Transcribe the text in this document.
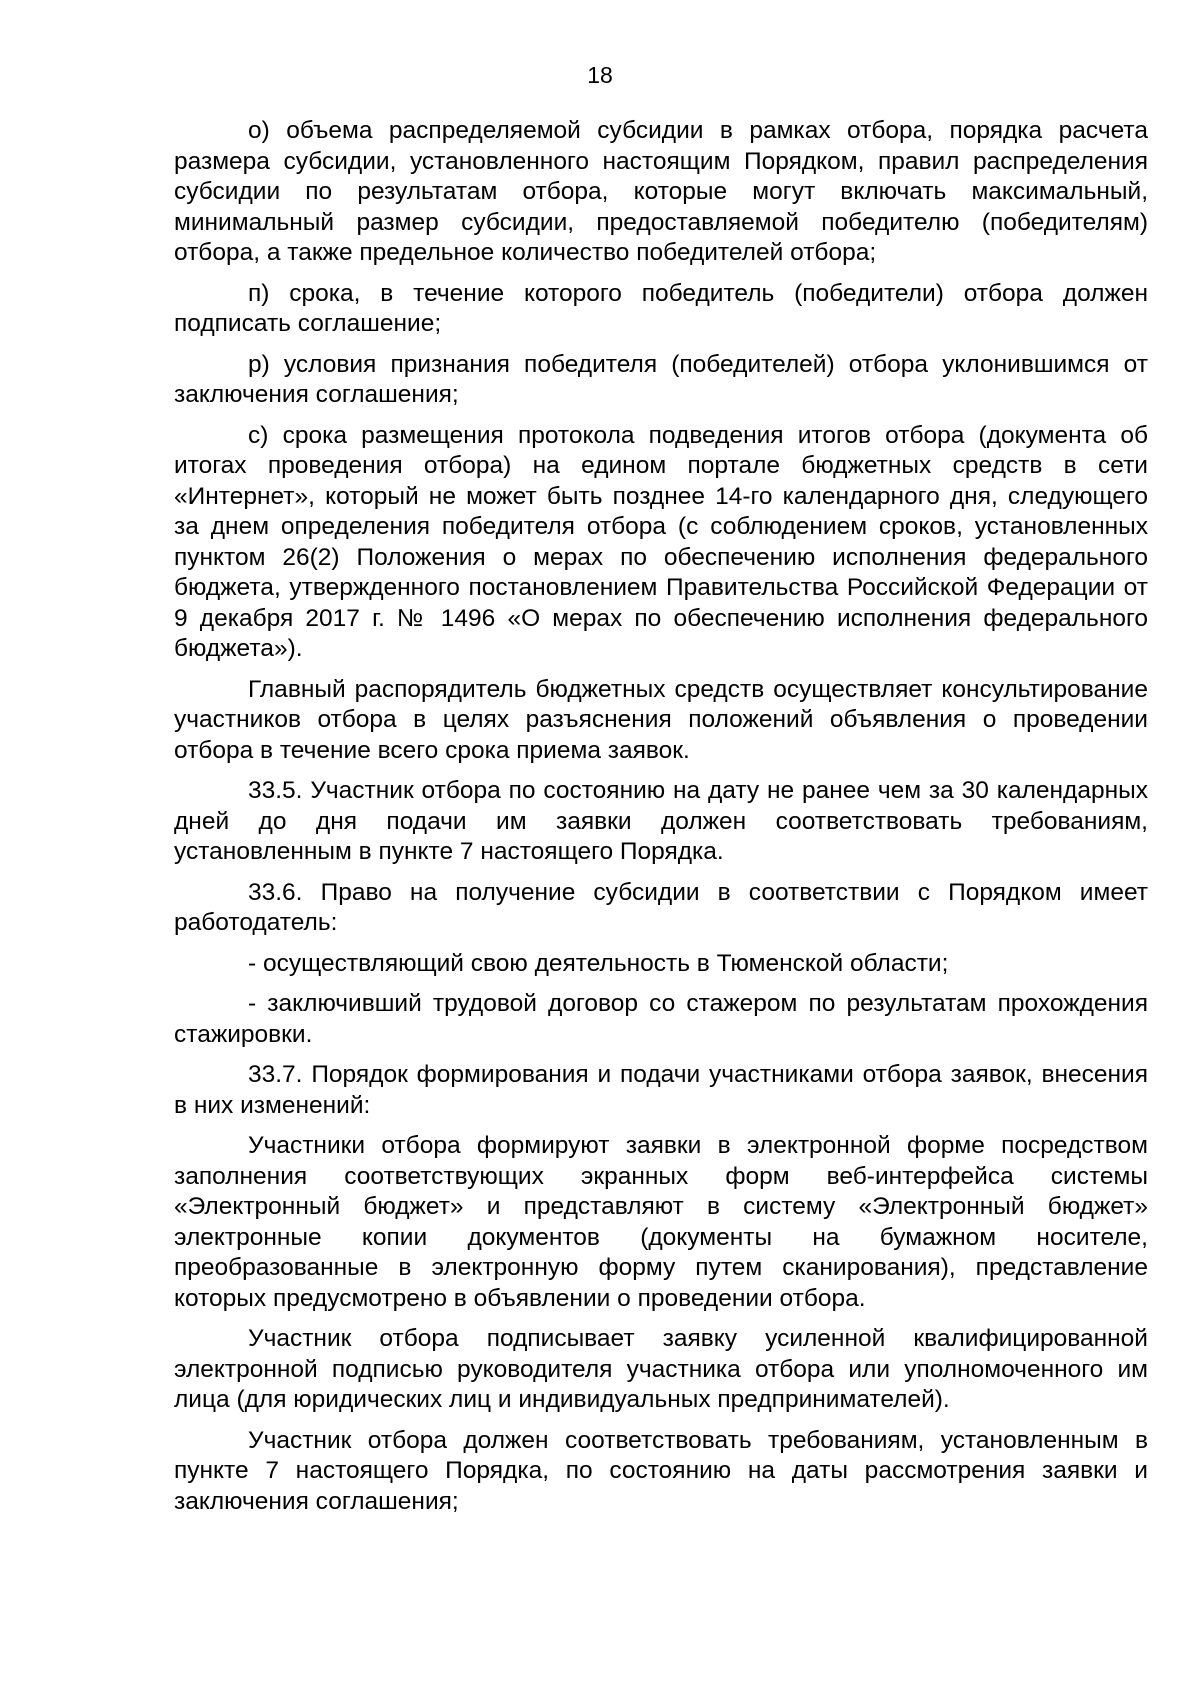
18

о) объема распределяемой субсидии в рамках отбора, порядка расчета размера субсидии, установленного настоящим Порядком, правил распределения субсидии по результатам отбора, которые могут включать максимальный, минимальный размер субсидии, предоставляемой победителю (победителям) отбора, а также предельное количество победителей отбора;

п) срока, в течение которого победитель (победители) отбора должен подписать соглашение;

р) условия признания победителя (победителей) отбора уклонившимся от заключения соглашения;

с) срока размещения протокола подведения итогов отбора (документа об итогах проведения отбора) на едином портале бюджетных средств в сети «Интернет», который не может быть позднее 14-го календарного дня, следующего за днем определения победителя отбора (с соблюдением сроков, установленных пунктом 26(2) Положения о мерах по обеспечению исполнения федерального бюджета, утвержденного постановлением Правительства Российской Федерации от 9 декабря 2017 г. № 1496 «О мерах по обеспечению исполнения федерального бюджета»).

Главный распорядитель бюджетных средств осуществляет консультирование участников отбора в целях разъяснения положений объявления о проведении отбора в течение всего срока приема заявок.

33.5. Участник отбора по состоянию на дату не ранее чем за 30 календарных дней до дня подачи им заявки должен соответствовать требованиям, установленным в пункте 7 настоящего Порядка.

33.6. Право на получение субсидии в соответствии с Порядком имеет работодатель:

- осуществляющий свою деятельность в Тюменской области;

- заключивший трудовой договор со стажером по результатам прохождения стажировки.

33.7. Порядок формирования и подачи участниками отбора заявок, внесения в них изменений:

Участники отбора формируют заявки в электронной форме посредством заполнения соответствующих экранных форм веб-интерфейса системы «Электронный бюджет» и представляют в систему «Электронный бюджет» электронные копии документов (документы на бумажном носителе, преобразованные в электронную форму путем сканирования), представление которых предусмотрено в объявлении о проведении отбора.

Участник отбора подписывает заявку усиленной квалифицированной электронной подписью руководителя участника отбора или уполномоченного им лица (для юридических лиц и индивидуальных предпринимателей).

Участник отбора должен соответствовать требованиям, установленным в пункте 7 настоящего Порядка, по состоянию на даты рассмотрения заявки и заключения соглашения;
